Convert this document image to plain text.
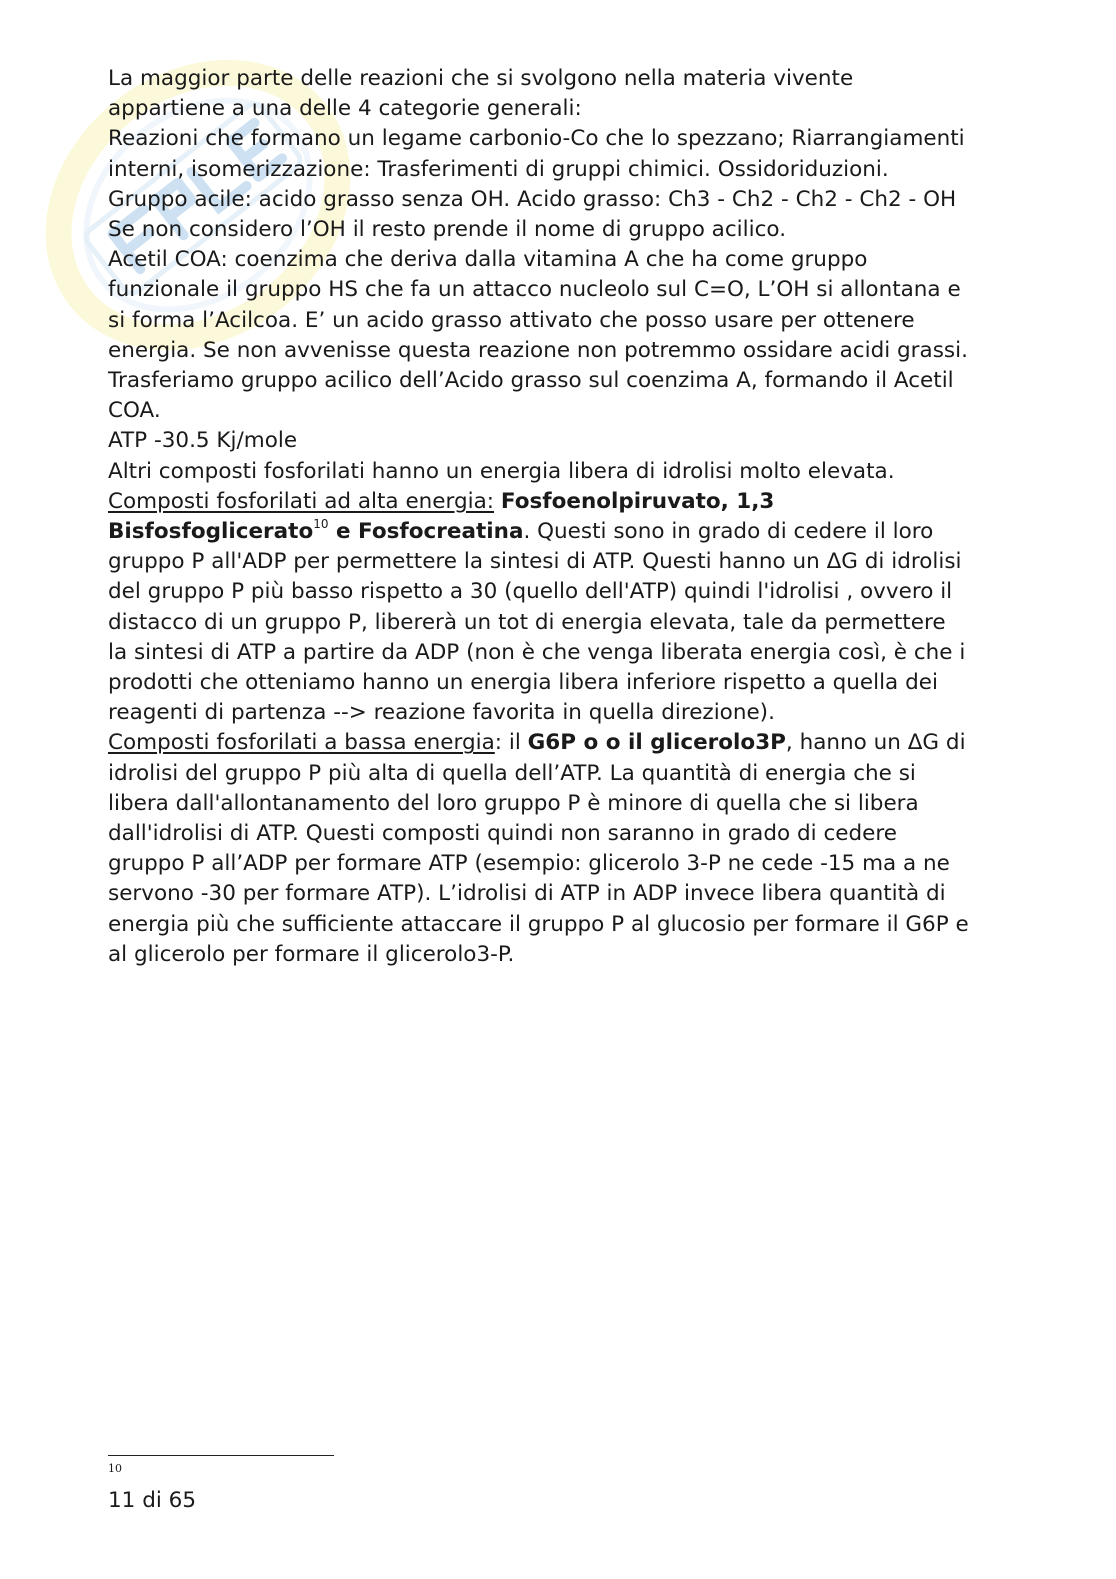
La maggior parte delle reazioni che si svolgono nella materia vivente
appartiene a una delle 4 categorie generali:
Reazioni che formano un legame carbonio-Co che lo spezzano; Riarrangiamenti
interni, isomerizzazione: Trasferimenti di gruppi chimici. Ossidoriduzioni.
Gruppo acile: acido grasso senza OH. Acido grasso: Ch3 - Ch2 - Ch2 - Ch2 - OH
Se non considero l’OH il resto prende il nome di gruppo acilico.
Acetil COA: coenzima che deriva dalla vitamina A che ha come gruppo
funzionale il gruppo HS che fa un attacco nucleolo sul C=O, L’OH si allontana e
si forma l’Acilcoa. E’ un acido grasso attivato che posso usare per ottenere
energia. Se non avvenisse questa reazione non potremmo ossidare acidi grassi.
Trasferiamo gruppo acilico dell’Acido grasso sul coenzima A, formando il Acetil
COA.
ATP -30.5 Kj/mole
Altri composti fosforilati hanno un energia libera di idrolisi molto elevata.
Composti fosforilati ad alta energia: Fosfoenolpiruvato, 1,3
Bisfosfoglicerato$^{10}$ e Fosfocreatina. Questi sono in grado di cedere il loro
gruppo P all'ADP per permettere la sintesi di ATP. Questi hanno un ΔG di idrolisi
del gruppo P più basso rispetto a 30 (quello dell'ATP) quindi l'idrolisi , ovvero il
distacco di un gruppo P, libererà un tot di energia elevata, tale da permettere
la sintesi di ATP a partire da ADP (non è che venga liberata energia così, è che i
prodotti che otteniamo hanno un energia libera inferiore rispetto a quella dei
reagenti di partenza --> reazione favorita in quella direzione).
Composti fosforilati a bassa energia: il G6P o o il glicerolo3P, hanno un ΔG di
idrolisi del gruppo P più alta di quella dell’ATP. La quantità di energia che si
libera dall'allontanamento del loro gruppo P è minore di quella che si libera
dall'idrolisi di ATP. Questi composti quindi non saranno in grado di cedere
gruppo P all’ADP per formare ATP (esempio: glicerolo 3-P ne cede -15 ma a ne
servono -30 per formare ATP). L’idrolisi di ATP in ADP invece libera quantità di
energia più che sufficiente attaccare il gruppo P al glucosio per formare il G6P e
al glicerolo per formare il glicerolo3-P.
10
11 di 65
